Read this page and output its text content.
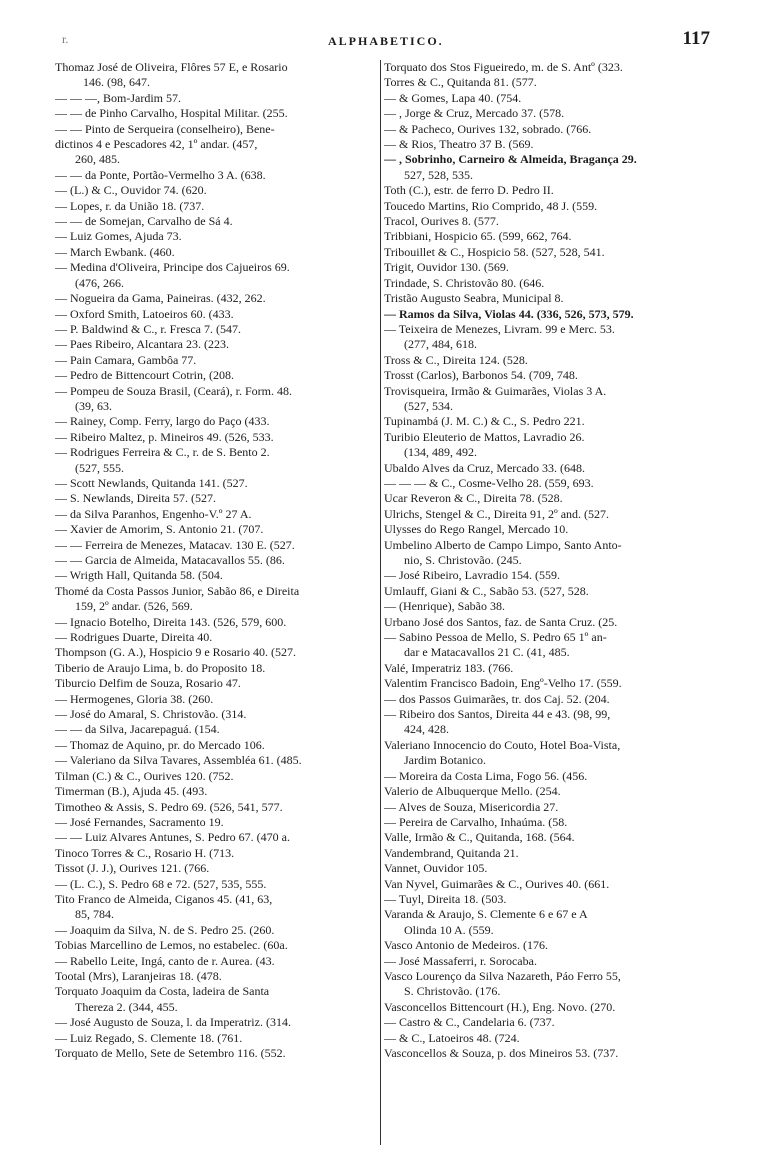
r.	ALPHABETICO.	117
Thomaz José de Oliveira, Flôres 57 E, e Rosario
146. (98, 647.
— — —, Bom-Jardim 57.
— — de Pinho Carvalho, Hospital Militar. (255.
— — Pinto de Serqueira (conselheiro), Bene-
dictinos 4 e Pescadores 42, 1º andar. (457,
260, 485.
— — da Ponte, Portão-Vermelho 3 A. (638.
— (L.) & C., Ouvidor 74. (620.
— Lopes, r. da União 18. (737.
— — de Somejan, Carvalho de Sá 4.
— Luiz Gomes, Ajuda 73.
— March Ewbank. (460.
— Medina d'Oliveira, Principe dos Cajueiros 69.
(476, 266.
— Nogueira da Gama, Paineiras. (432, 262.
— Oxford Smith, Latoeiros 60. (433.
— P. Baldwind & C., r. Fresca 7. (547.
— Paes Ribeiro, Alcantara 23. (223.
— Pain Camara, Gambôa 77.
— Pedro de Bittencourt Cotrin, (208.
— Pompeu de Souza Brasil, (Ceará), r. Form. 48.
(39, 63.
— Rainey, Comp. Ferry, largo do Paço (433.
— Ribeiro Maltez, p. Mineiros 49. (526, 533.
— Rodrigues Ferreira & C., r. de S. Bento 2.
(527, 555.
— Scott Newlands, Quitanda 141. (527.
— S. Newlands, Direita 57. (527.
— da Silva Paranhos, Engenho-V.º 27 A.
— Xavier de Amorim, S. Antonio 21. (707.
— — Ferreira de Menezes, Matacav. 130 E. (527.
— — Garcia de Almeida, Matacavallos 55. (86.
— Wrigth Hall, Quitanda 58. (504.
Thomé da Costa Passos Junior, Sabão 86, e Direita
159, 2º andar. (526, 569.
— Ignacio Botelho, Direita 143. (526, 579, 600.
— Rodrigues Duarte, Direita 40.
Thompson (G. A.), Hospicio 9 e Rosario 40. (527.
Tiberio de Araujo Lima, b. do Proposito 18.
Tiburcio Delfim de Souza, Rosario 47.
— Hermogenes, Gloria 38. (260.
— José do Amaral, S. Christovão. (314.
— — da Silva, Jacarepaguá. (154.
— Thomaz de Aquino, pr. do Mercado 106.
— Valeriano da Silva Tavares, Assembléa 61. (485.
Tilman (C.) & C., Ourives 120. (752.
Timerman (B.), Ajuda 45. (493.
Timotheo & Assis, S. Pedro 69. (526, 541, 577.
— José Fernandes, Sacramento 19.
— — Luiz Alvares Antunes, S. Pedro 67. (470 a.
Tinoco Torres & C., Rosario H. (713.
Tissot (J. J.), Ourives 121. (766.
— (L. C.), S. Pedro 68 e 72. (527, 535, 555.
Tito Franco de Almeida, Ciganos 45. (41, 63,
85, 784.
— Joaquim da Silva, N. de S. Pedro 25. (260.
Tobias Marcellino de Lemos, no estabelec. (60a.
— Rabello Leite, Ingá, canto de r. Aurea. (43.
Tootal (Mrs), Laranjeiras 18. (478.
Torquato Joaquim da Costa, ladeira de Santa
Thereza 2. (344, 455.
— José Augusto de Souza, l. da Imperatriz. (314.
— Luiz Regado, S. Clemente 18. (761.
Torquato de Mello, Sete de Setembro 116. (552.
Torquato dos Stos Figueiredo, m. de S. Antº (323.
Torres & C., Quitanda 81. (577.
— & Gomes, Lapa 40. (754.
— , Jorge & Cruz, Mercado 37. (578.
— & Pacheco, Ourives 132, sobrado. (766.
— & Rios, Theatro 37 B. (569.
— , Sobrinho, Carneiro & Almeida, Bragança 29.
527, 528, 535.
Toth (C.), estr. de ferro D. Pedro II.
Toucedo Martins, Rio Comprido, 48 J. (559.
Tracol, Ourives 8. (577.
Tribbiani, Hospicio 65. (599, 662, 764.
Tribouillet & C., Hospicio 58. (527, 528, 541.
Trigit, Ouvidor 130. (569.
Trindade, S. Christovão 80. (646.
Tristão Augusto Seabra, Municipal 8.
— Ramos da Silva, Violas 44. (336, 526, 573, 579.
— Teixeira de Menezes, Livram. 99 e Merc. 53.
(277, 484, 618.
Tross & C., Direita 124. (528.
Trosst (Carlos), Barbonos 54. (709, 748.
Trovisqueira, Irmão & Guimarães, Violas 3 A.
(527, 534.
Tupinambá (J. M. C.) & C., S. Pedro 221.
Turibio Eleuterio de Mattos, Lavradio 26.
(134, 489, 492.
Ubaldo Alves da Cruz, Mercado 33. (648.
— — — & C., Cosme-Velho 28. (559, 693.
Ucar Reveron & C., Direita 78. (528.
Ulrichs, Stengel & C., Direita 91, 2º and. (527.
Ulysses do Rego Rangel, Mercado 10.
Umbelino Alberto de Campo Limpo, Santo Anto-
nio, S. Christovão. (245.
— José Ribeiro, Lavradio 154. (559.
Umlauff, Giani & C., Sabão 53. (527, 528.
— (Henrique), Sabão 38.
Urbano José dos Santos, faz. de Santa Cruz. (25.
— Sabino Pessoa de Mello, S. Pedro 65 1º an-
dar e Matacavallos 21 C. (41, 485.
Valé, Imperatriz 183. (766.
Valentim Francisco Badoin, Engº-Velho 17. (559.
— dos Passos Guimarães, tr. dos Caj. 52. (204.
— Ribeiro dos Santos, Direita 44 e 43. (98, 99,
424, 428.
Valeriano Innocencio do Couto, Hotel Boa-Vista,
Jardim Botanico.
— Moreira da Costa Lima, Fogo 56. (456.
Valerio de Albuquerque Mello. (254.
— Alves de Souza, Misericordia 27.
— Pereira de Carvalho, Inhaúma. (58.
Valle, Irmão & C., Quitanda, 168. (564.
Vandembrand, Quitanda 21.
Vannet, Ouvidor 105.
Van Nyvel, Guimarães & C., Ourives 40. (661.
— Tuyl, Direita 18. (503.
Varanda & Araujo, S. Clemente 6 e 67 e A
Olinda 10 A. (559.
Vasco Antonio de Medeiros. (176.
— José Massaferri, r. Sorocaba.
Vasco Lourenço da Silva Nazareth, Páo Ferro 55,
S. Christovão. (176.
Vasconcellos Bittencourt (H.), Eng. Novo. (270.
— Castro & C., Candelaria 6. (737.
— & C., Latoeiros 48. (724.
Vasconcellos & Souza, p. dos Mineiros 53. (737.
